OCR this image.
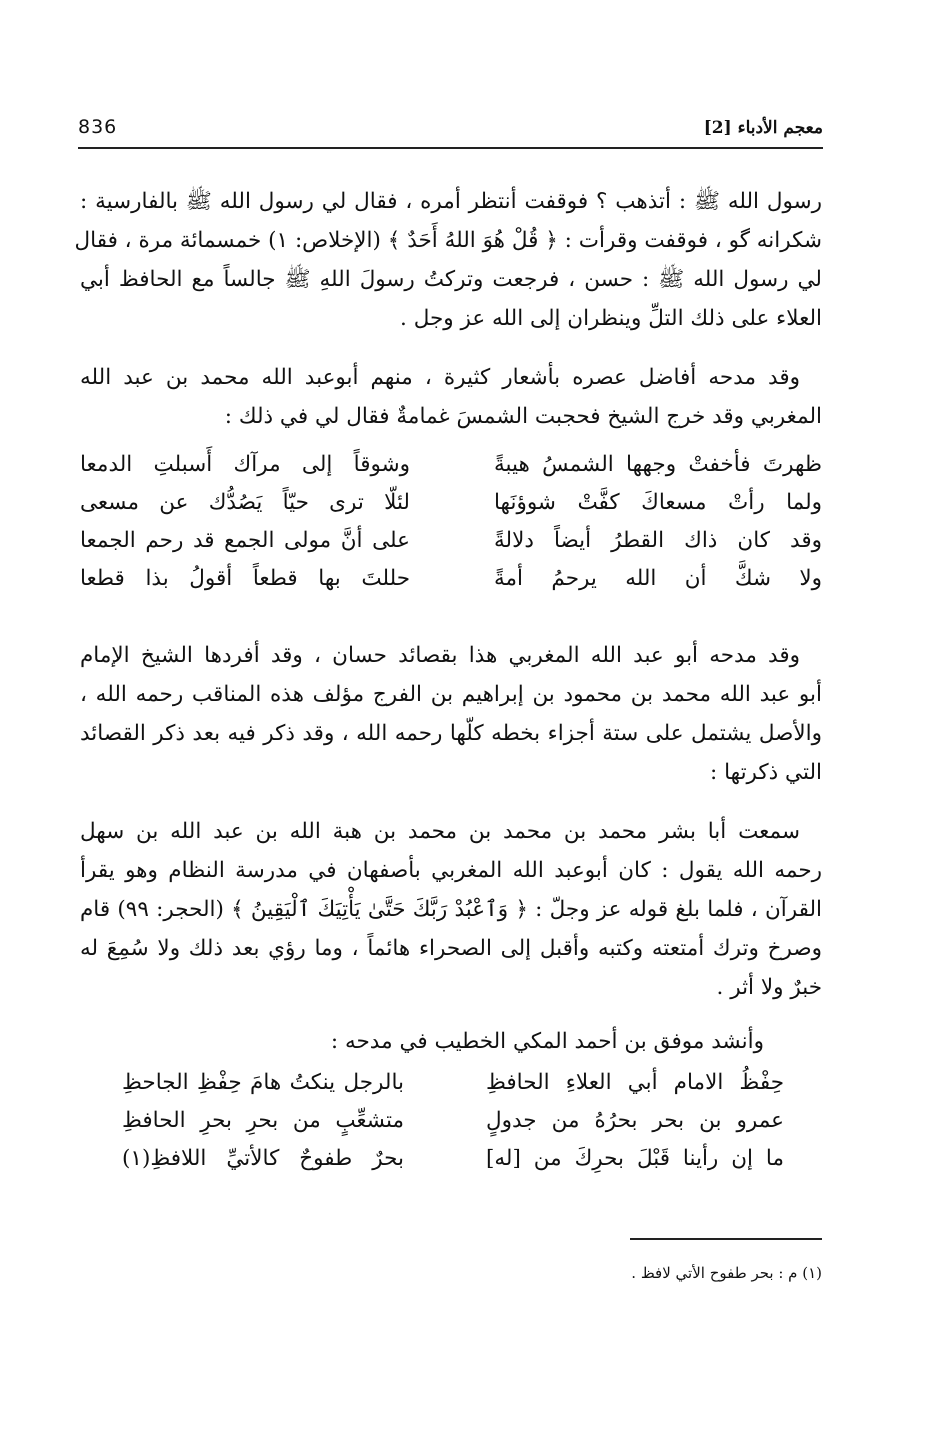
معجم الأدباء [2]
836
رسول الله ﷺ : أتذهب ؟ فوقفت أنتظر أمره ، فقال لي رسول الله ﷺ بالفارسية :
شكرانه گو ، فوقفت وقرأت : ﴿ قُلْ هُوَ اللهُ أَحَدٌ ﴾ (الإخلاص: ١) خمسمائة مرة ، فقال
لي رسول الله ﷺ : حسن ، فرجعت وتركتُ رسولَ اللهِ ﷺ جالساً مع الحافظ أبي
العلاء على ذلك التلِّ وينظران إلى الله عز وجل .
وقد مدحه أفاضل عصره بأشعار كثيرة ، منهم أبوعبد الله محمد بن عبد الله
المغربي وقد خرج الشيخ فحجبت الشمسَ غمامةٌ فقال لي في ذلك :
ظهرتَ فأخفتْ وجهها الشمسُ هيبةً
وشوقاً إلى مرآك أَسبلتِ الدمعا
ولما رأتْ مسعاكَ كفَّتْ شوؤنَها
لئلّا ترى حيّاً يَصُدُّك عن مسعى
وقد كان ذاك القطرُ أيضاً دلالةً
على أنَّ مولى الجمع قد رحم الجمعا
ولا شكَّ أن الله يرحمُ أمةً
حللتَ بها قطعاً أقولُ بذا قطعا
وقد مدحه أبو عبد الله المغربي هذا بقصائد حسان ، وقد أفردها الشيخ الإمام
أبو عبد الله محمد بن محمود بن إبراهيم بن الفرج مؤلف هذه المناقب رحمه الله ،
والأصل يشتمل على ستة أجزاء بخطه كلّها رحمه الله ، وقد ذكر فيه بعد ذكر القصائد
التي ذكرتها :
سمعت أبا بشر محمد بن محمد بن محمد بن هبة الله بن عبد الله بن سهل
رحمه الله يقول : كان أبوعبد الله المغربي بأصفهان في مدرسة النظام وهو يقرأ
القرآن ، فلما بلغ قوله عز وجلّ : ﴿ وَٱعْبُدْ رَبَّكَ حَتَّىٰ يَأْتِيَكَ ٱلْيَقِينُ ﴾ (الحجر: ٩٩) قام
وصرخ وترك أمتعته وكتبه وأقبل إلى الصحراء هائماً ، وما رؤي بعد ذلك ولا سُمِعَ له
خبرٌ ولا أثر .
وأنشد موفق بن أحمد المكي الخطيب في مدحه :
حِفْظُ الامام أبي العلاءِ الحافظِ
بالرجل ينكتُ هامَ حِفْظِ الجاحظِ
عمرو بن بحر بحرُهُ من جدولٍ
متشعِّبٍ من بحرِ بحرِ الحافظِ
ما إن رأينا قَبْلَ بحرِكَ من [له]
بحرٌ طفوحٌ كالأتيِّ اللافظِ(١)
(١) م : بحر طفوح الأتي لافظ .
